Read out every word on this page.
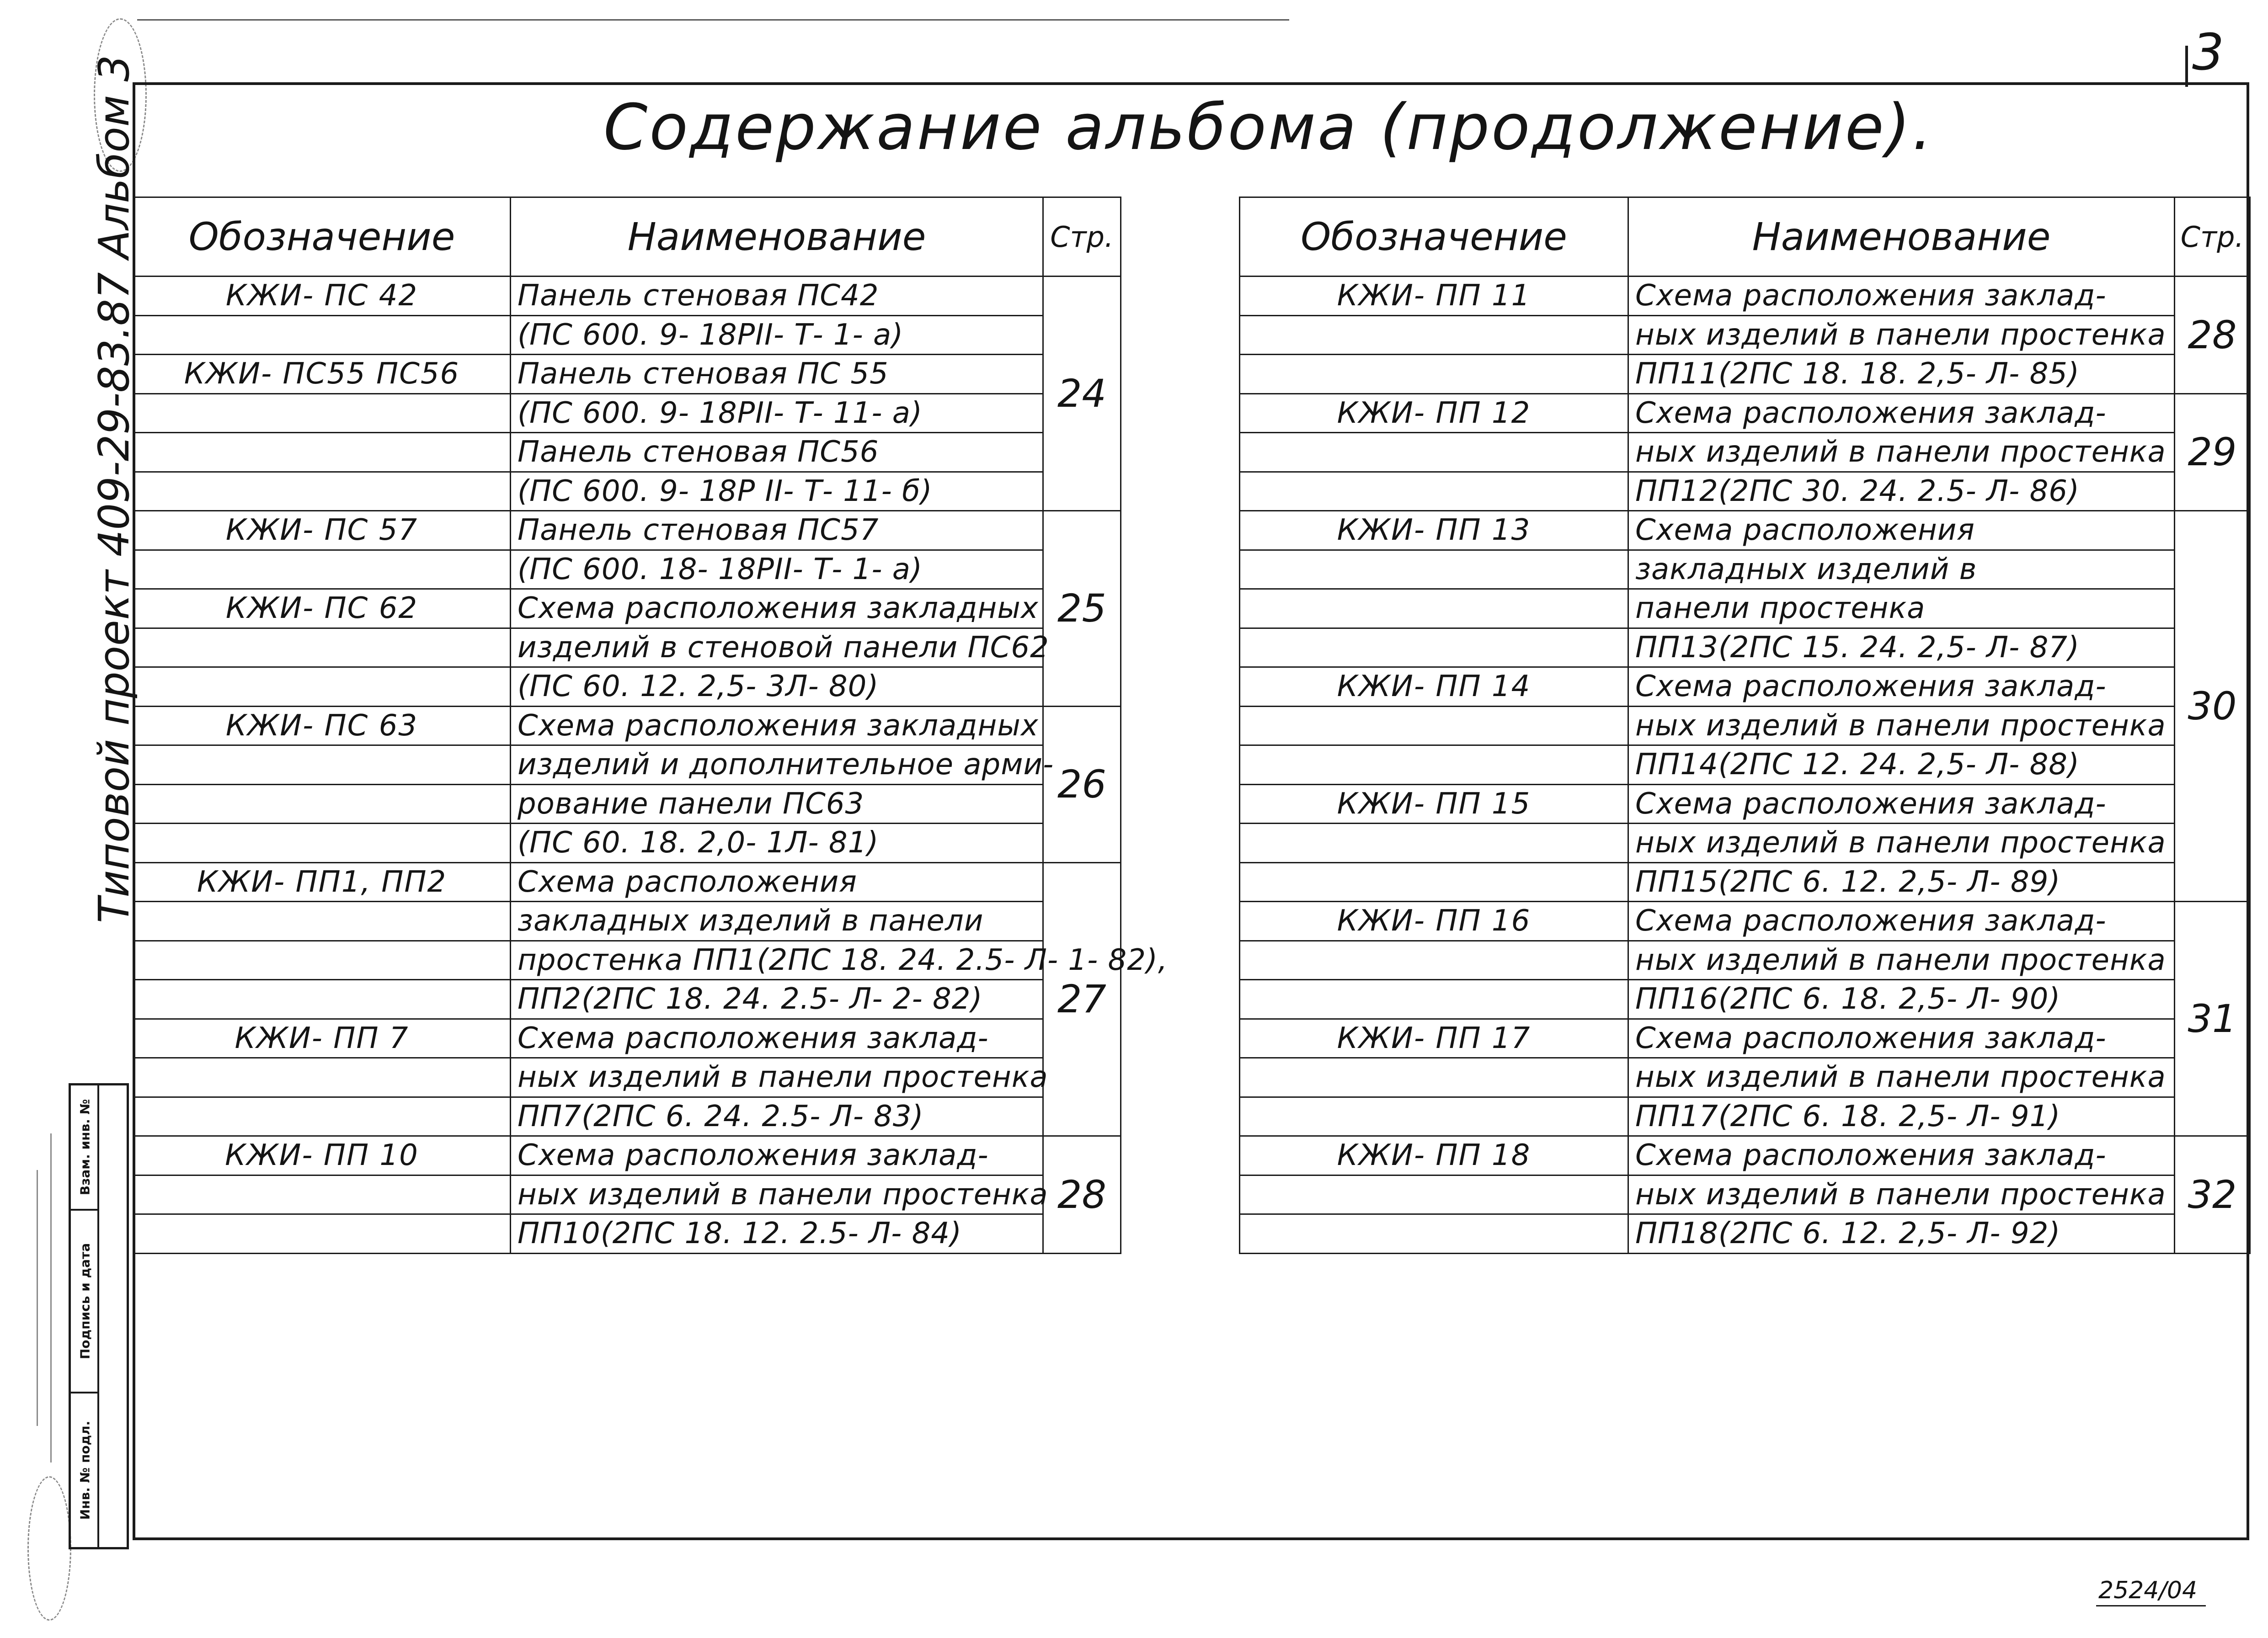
3
Типовой проект 409-29-83.87 Альбом 3
Инв. № подл.
Подпись и дата
Взам. инв. №
Содержание альбома (продолжение).
Обозначение	Наименование	Стр.
КЖИ- ПС 42	Панель стеновая ПС42	24
	(ПС 600. 9- 18РII- Т- 1- а)	
КЖИ- ПС55 ПС56	Панель стеновая ПС 55	
	(ПС 600. 9- 18РII- Т- 11- а)	
	Панель стеновая ПС56	
	(ПС 600. 9- 18Р II- Т- 11- б)	
КЖИ- ПС 57	Панель стеновая ПС57	25
	(ПС 600. 18- 18РII- Т- 1- а)	
КЖИ- ПС 62	Схема расположения закладных	
	изделий в стеновой панели ПС62	
	(ПС 60. 12. 2,5- 3Л- 80)	
КЖИ- ПС 63	Схема расположения закладных	26
	изделий и дополнительное арми-	
	рование панели ПС63	
	(ПС 60. 18. 2,0- 1Л- 81)	
КЖИ- ПП1, ПП2	Схема расположения	27
	закладных изделий в панели	
	простенка ПП1(2ПС 18. 24. 2.5- Л- 1- 82),	
	ПП2(2ПС 18. 24. 2.5- Л- 2- 82)	
КЖИ- ПП 7	Схема расположения заклад-	
	ных изделий в панели простенка	
	ПП7(2ПС 6. 24. 2.5- Л- 83)	
КЖИ- ПП 10	Схема расположения заклад-	28
	ных изделий в панели простенка	
	ПП10(2ПС 18. 12. 2.5- Л- 84)	
Обозначение	Наименование	Стр.
КЖИ- ПП 11	Схема расположения заклад-	28
	ных изделий в панели простенка	
	ПП11(2ПС 18. 18. 2,5- Л- 85)	
КЖИ- ПП 12	Схема расположения заклад-	29
	ных изделий в панели простенка	
	ПП12(2ПС 30. 24. 2.5- Л- 86)	
КЖИ- ПП 13	Схема расположения	30
	закладных изделий в	
	панели простенка	
	ПП13(2ПС 15. 24. 2,5- Л- 87)	
КЖИ- ПП 14	Схема расположения заклад-	
	ных изделий в панели простенка	
	ПП14(2ПС 12. 24. 2,5- Л- 88)	
КЖИ- ПП 15	Схема расположения заклад-	
	ных изделий в панели простенка	
	ПП15(2ПС 6. 12. 2,5- Л- 89)	
КЖИ- ПП 16	Схема расположения заклад-	31
	ных изделий в панели простенка	
	ПП16(2ПС 6. 18. 2,5- Л- 90)	
КЖИ- ПП 17	Схема расположения заклад-	
	ных изделий в панели простенка	
	ПП17(2ПС 6. 18. 2,5- Л- 91)	
КЖИ- ПП 18	Схема расположения заклад-	32
	ных изделий в панели простенка	
	ПП18(2ПС 6. 12. 2,5- Л- 92)	
2524/04
